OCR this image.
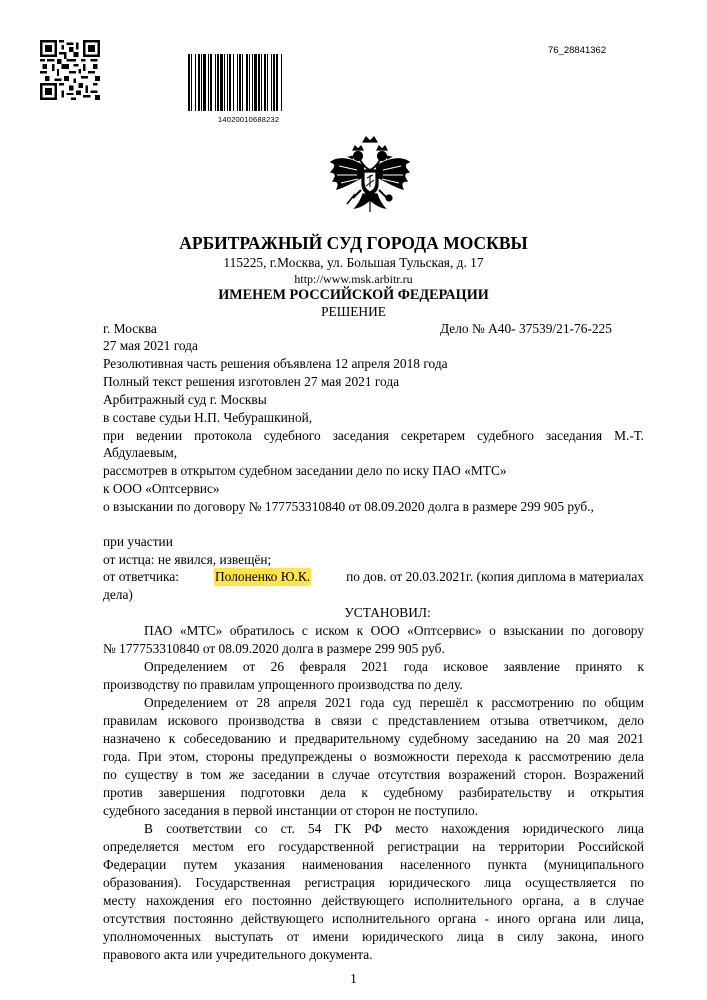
76_28841362
14020010688232
АРБИТРАЖНЫЙ СУД ГОРОДА МОСКВЫ
115225, г.Москва, ул. Большая Тульская, д. 17
http://www.msk.arbitr.ru
ИМЕНЕМ РОССИЙСКОЙ ФЕДЕРАЦИИ
РЕШЕНИЕ
г. Москва	Дело № А40- 37539/21-76-225
27 мая 2021 года
Резолютивная часть решения объявлена 12 апреля 2018 года
Полный текст решения изготовлен 27 мая 2021 года
Арбитражный суд г. Москвы
в составе судьи Н.П. Чебурашкиной,
при ведении протокола судебного заседания секретарем судебного заседания М.-Т.
Абдулаевым,
рассмотрев в открытом судебном заседании дело по иску ПАО «МТС»
к ООО «Оптсервис»
о взыскании по договору № 177753310840 от 08.09.2020 долга в размере 299 905 руб.,
при участии
от истца: не явился, извещён;
от ответчика:	Полоненко Ю.К.	по дов. от 20.03.2021г. (копия диплома в материалах
дела)
УСТАНОВИЛ:
ПАО «МТС» обратилось с иском к ООО «Оптсервис» о взыскании по договору
№ 177753310840 от 08.09.2020 долга в размере 299 905 руб.
Определением от 26 февраля 2021 года исковое заявление принято к
производству по правилам упрощенного производства по делу.
Определением от 28 апреля 2021 года суд перешёл к рассмотрению по общим
правилам искового производства в связи с представлением отзыва ответчиком, дело
назначено к собеседованию и предварительному судебному заседанию на 20 мая 2021
года. При этом, стороны предупреждены о возможности перехода к рассмотрению дела
по существу в том же заседании в случае отсутствия возражений сторон. Возражений
против завершения подготовки дела к судебному разбирательству и открытия
судебного заседания в первой инстанции от сторон не поступило.
В соответствии со ст. 54 ГК РФ место нахождения юридического лица
определяется местом его государственной регистрации на территории Российской
Федерации путем указания наименования населенного пункта (муниципального
образования). Государственная регистрация юридического лица осуществляется по
месту нахождения его постоянно действующего исполнительного органа, а в случае
отсутствия постоянно действующего исполнительного органа - иного органа или лица,
уполномоченных выступать от имени юридического лица в силу закона, иного
правового акта или учредительного документа.
1
